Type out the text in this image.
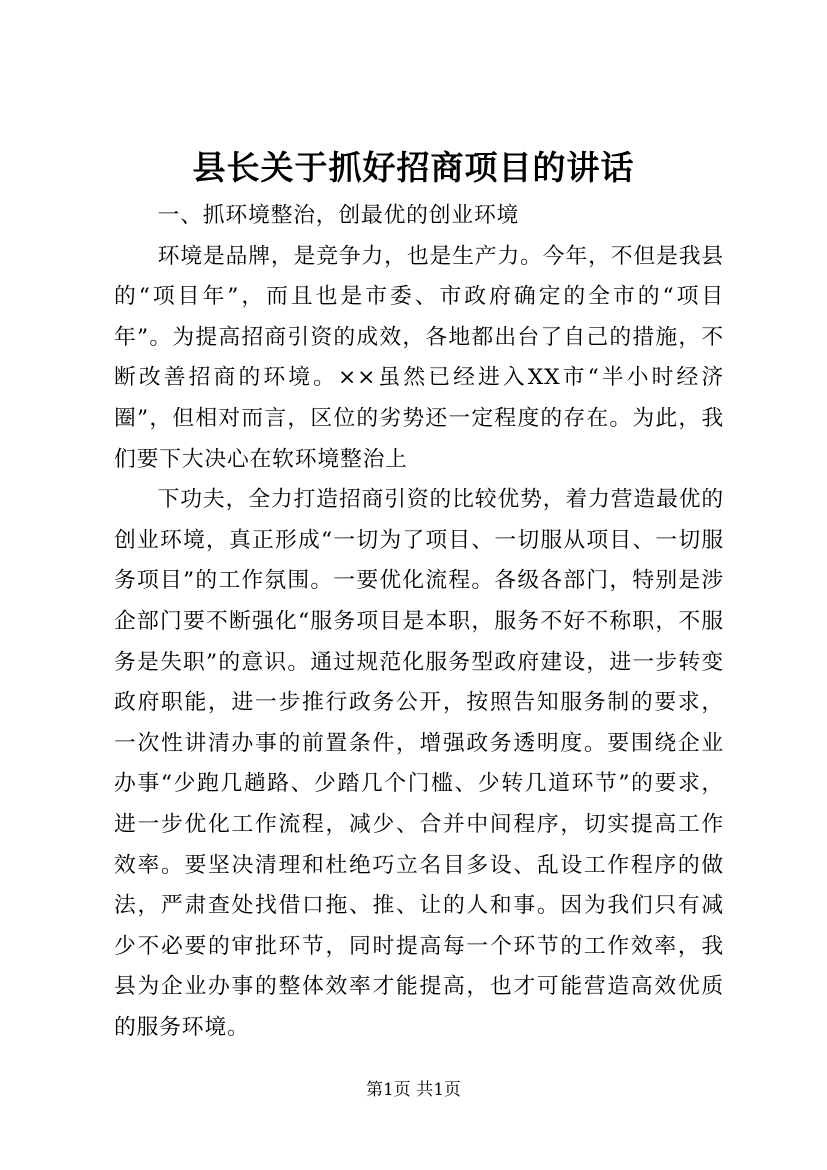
县长关于抓好招商项目的讲话

一、抓环境整治，创最优的创业环境

环境是品牌，是竞争力，也是生产力。今年，不但是我县的“项目年”，而且也是市委、市政府确定的全市的“项目年”。为提高招商引资的成效，各地都出台了自己的措施，不断改善招商的环境。××虽然已经进入XX市“半小时经济圈”，但相对而言，区位的劣势还一定程度的存在。为此，我们要下大决心在软环境整治上

下功夫，全力打造招商引资的比较优势，着力营造最优的创业环境，真正形成“一切为了项目、一切服从项目、一切服务项目”的工作氛围。一要优化流程。各级各部门，特别是涉企部门要不断强化“服务项目是本职，服务不好不称职，不服务是失职”的意识。通过规范化服务型政府建设，进一步转变政府职能，进一步推行政务公开，按照告知服务制的要求，一次性讲清办事的前置条件，增强政务透明度。要围绕企业办事“少跑几趟路、少踏几个门槛、少转几道环节”的要求，进一步优化工作流程，减少、合并中间程序，切实提高工作效率。要坚决清理和杜绝巧立名目多设、乱设工作程序的做法，严肃查处找借口拖、推、让的人和事。因为我们只有减少不必要的审批环节，同时提高每一个环节的工作效率，我县为企业办事的整体效率才能提高，也才可能营造高效优质的服务环境。

第1页 共1页
